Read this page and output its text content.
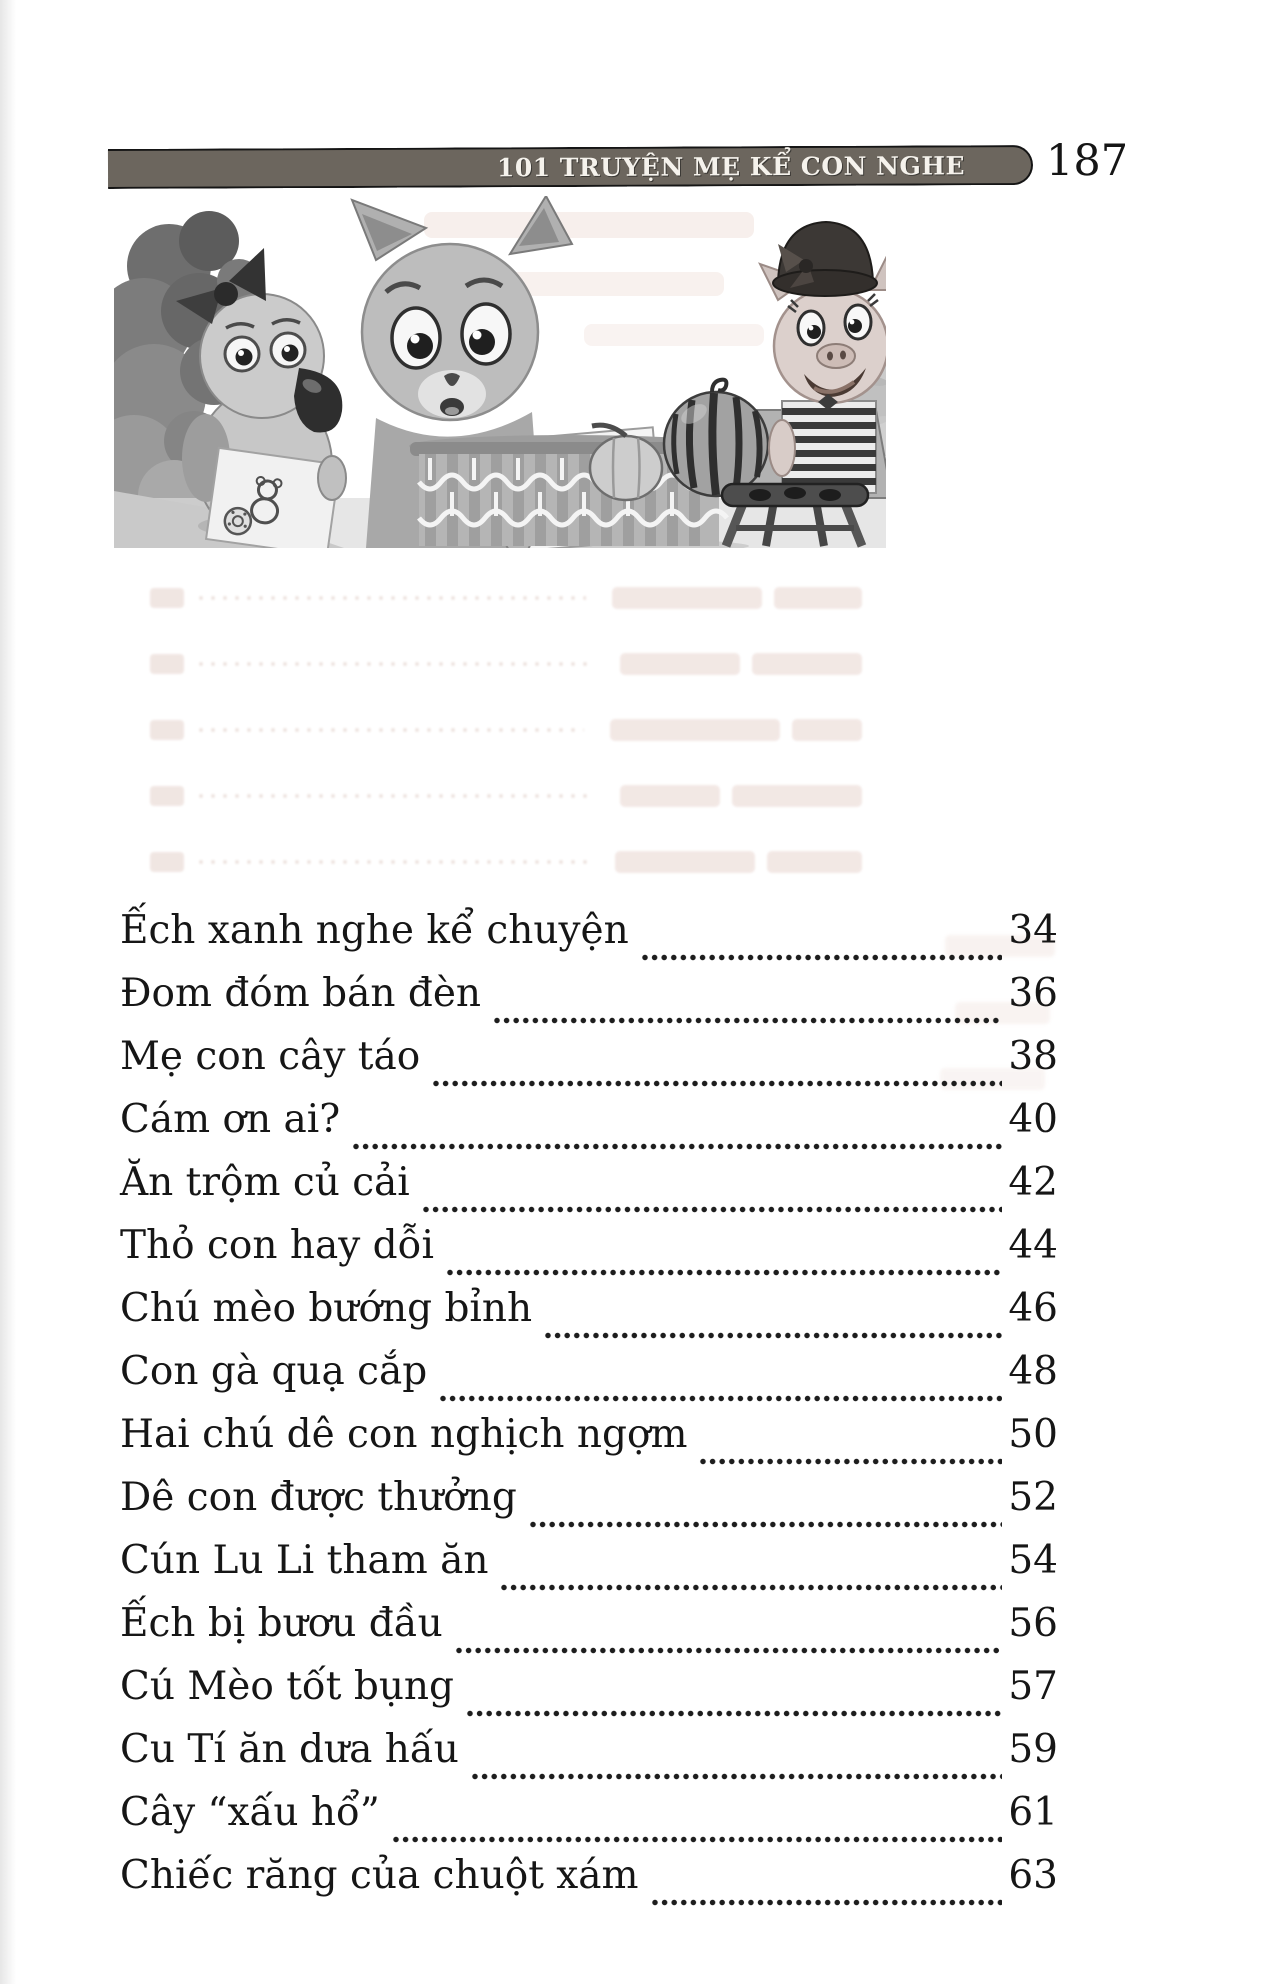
101 TRUYỆN MẸ KỂ CON NGHE 187
Ếch xanh nghe kể chuyện	34
Đom đóm bán đèn	36
Mẹ con cây táo	38
Cám ơn ai?	40
Ăn trộm củ cải	42
Thỏ con hay dỗi	44
Chú mèo bướng bỉnh	46
Con gà quạ cắp	48
Hai chú dê con nghịch ngợm	50
Dê con được thưởng	52
Cún Lu Li tham ăn	54
Ếch bị bươu đầu	56
Cú Mèo tốt bụng	57
Cu Tí ăn dưa hấu	59
Cây “xấu hổ”	61
Chiếc răng của chuột xám	63
